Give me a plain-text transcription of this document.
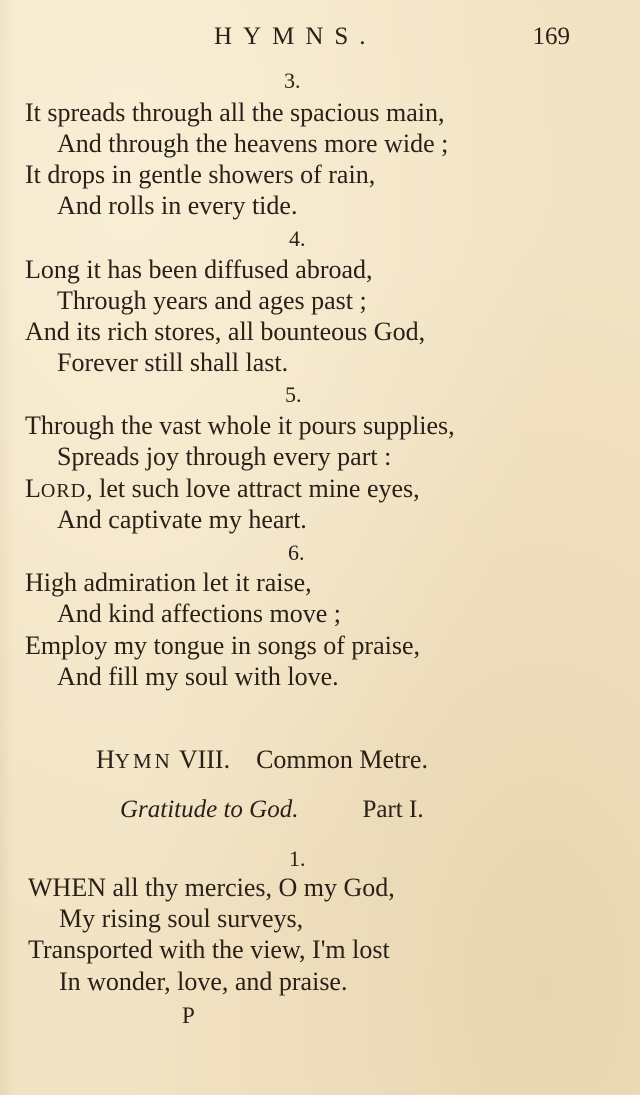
HYMNS.	169
3.
It spreads through all the spacious main,
And through the heavens more wide ;
It drops in gentle showers of rain,
And rolls in every tide.
4.
Long it has been diffused abroad,
Through years and ages past ;
And its rich stores, all bounteous God,
Forever still shall last.
5.
Through the vast whole it pours supplies,
Spreads joy through every part :
LORD, let such love attract mine eyes,
And captivate my heart.
6.
High admiration let it raise,
And kind affections move ;
Employ my tongue in songs of praise,
And fill my soul with love.
HYMN VIII. Common Metre.
Gratitude to God.	Part I.
1.
WHEN all thy mercies, O my God,
My rising soul surveys,
Transported with the view, I'm lost
In wonder, love, and praise.
P
